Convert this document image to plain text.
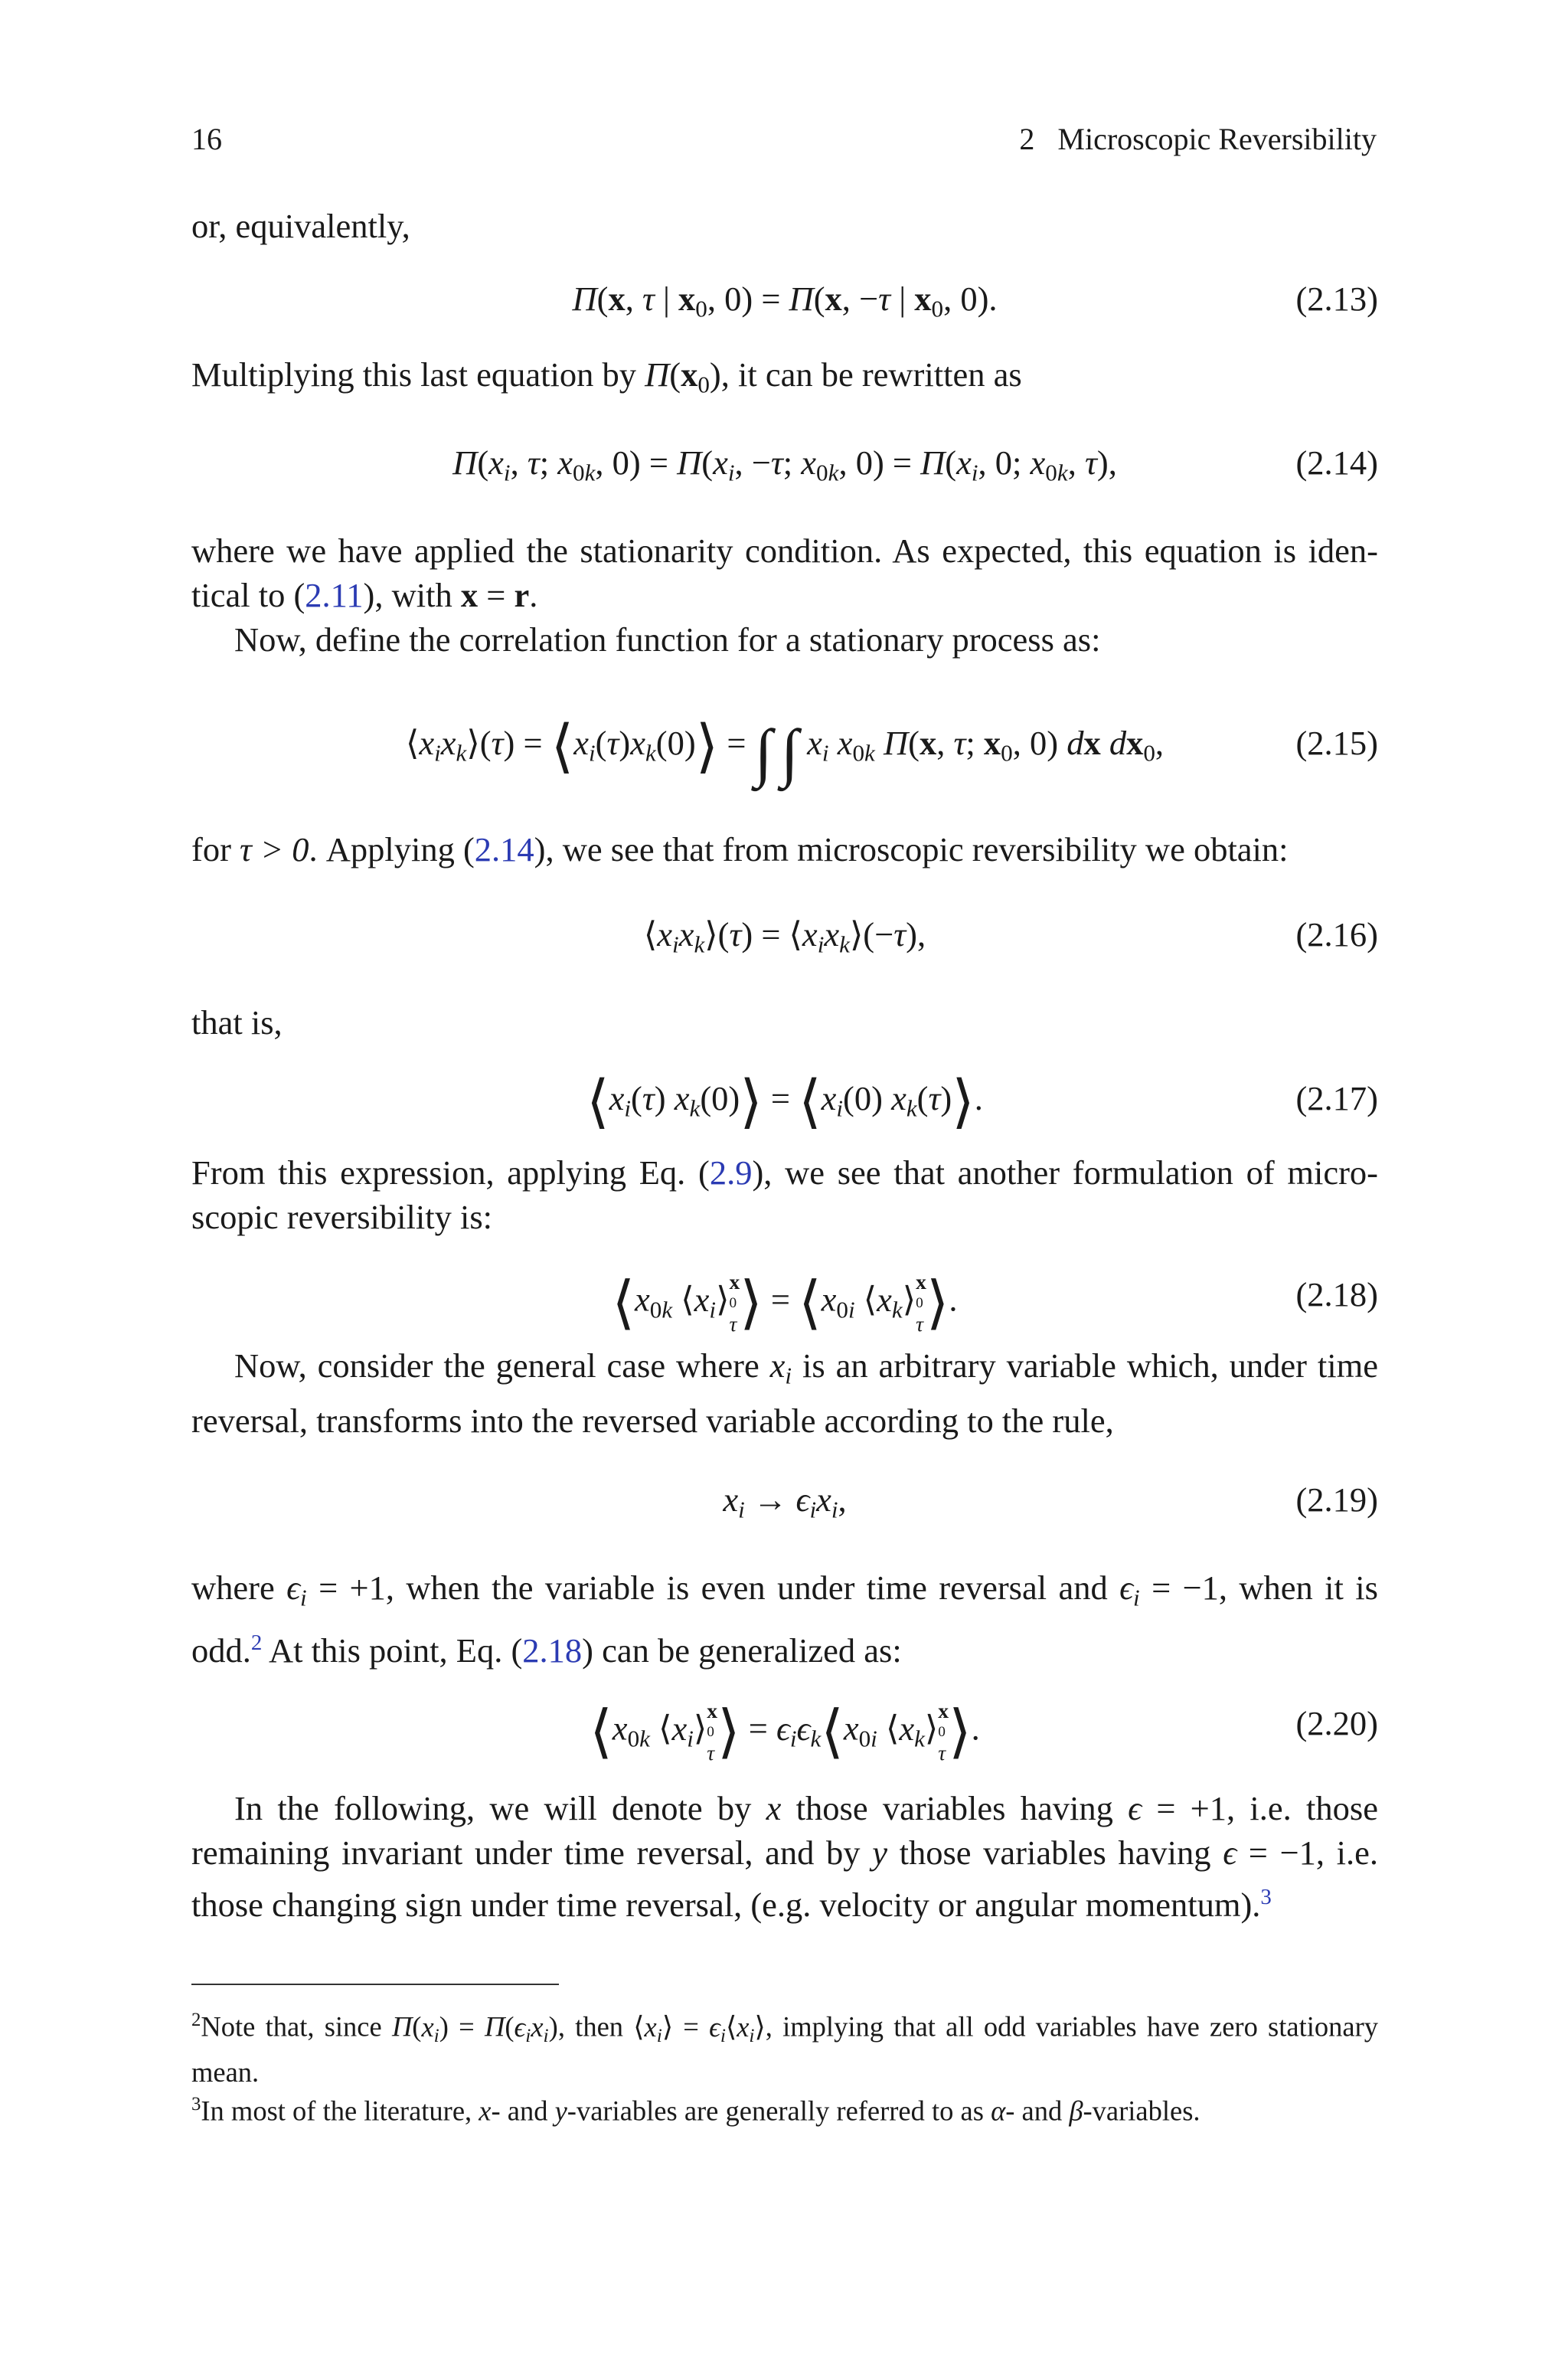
16	2 Microscopic Reversibility
or, equivalently,
Π(x, τ | $x_0$, 0) = Π(x, −τ | $x_0$, 0).	(2.13)
Multiplying this last equation by $\Pi(x_0)$, it can be rewritten as
$\Pi(x_i$, τ; $x_{0k}$, $0) = \Pi(x_i$, −τ; $x_{0k}$, $0) = \Pi(x_i$, 0; $x_{0k}$, τ),	(2.14)
where we have applied the stationarity condition. As expected, this equation is iden-tical to (2.11), with x = r.
Now, define the correlation function for a stationary process as:
$⟨x_ix_k⟩(\tau)$ = $⟨x_i(\tau)x_k(0)⟩$ = ∫ ∫ $x_i$ $x_{0k}$ Π(x, τ; $x_0$, 0) dx $dx_0$,	(2.15)
for τ > 0. Applying (2.14), we see that from microscopic reversibility we obtain:
$⟨x_ix_k⟩(\tau)$ = $⟨x_ix_k⟩(-\tau)$,	(2.16)
that is,
$⟨x_i(\tau)$ $x_k(0)⟩$ = $⟨x_i(0)$ $x_k(\tau)⟩$.	(2.17)
From this expression, applying Eq. (2.9), we see that another formulation of micro-scopic reversibility is:
$⟨x_{0k}$ $⟨x_i⟩$ x
0
τ ⟩ = $⟨x_{0i}$ $⟨x_k⟩$ x
0
τ ⟩.	(2.18)
Now, consider the general case where $x_i$ is an arbitrary variable which, under time reversal, transforms into the reversed variable according to the rule,
$x_i \to \epsilon_ix_i$,	(2.19)
where $\epsilon_i = +1$, when the variable is even under time reversal and $\epsilon_i = -1$, when it is odd.$^2$ At this point, Eq. (2.18) can be generalized as:
$⟨x_{0k}$ $⟨x_i⟩$ x
0
τ ⟩ = $\epsilon_i\epsilon_k⟨x_{0i}$ $⟨x_k⟩$ x
0
τ ⟩.	(2.20)
In the following, we will denote by x those variables having ϵ = +1, i.e. those remaining invariant under time reversal, and by y those variables having ϵ = −1, i.e. those changing sign under time reversal, (e.g. velocity or angular momentum).$^3$
$^2$Note that, since $\Pi(x_i) = \Pi(\epsilon_ix_i)$, then $⟨x_i⟩$ = $\epsilon_i⟨x_i⟩$, implying that all odd variables have zero stationary mean.
$^3$In most of the literature, x- and y-variables are generally referred to as α- and β-variables.
